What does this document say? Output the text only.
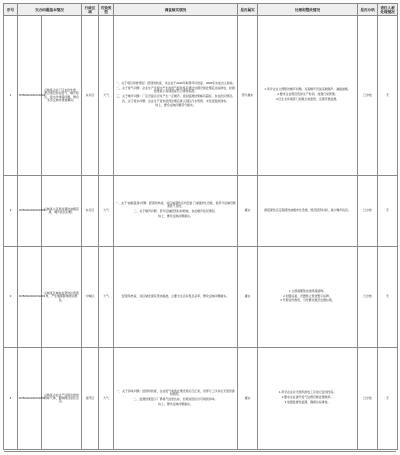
序号	交办问题基本情况		行政区域	污染类型	调查核实情况	是否属实	处理和整改情况	是否办结	责任人被处理情况
1	D350402021061802	反映某企业厂区未批先建，建设项目存在废气、噪声扰民，废水外排等问题，群众多次反映未得到解决。	东川区	大气	一、关于项目审批情况：经现场核查，该企业于2019年取得环评批复，2020年完成自主验收。
二、关于废气问题：企业生产过程中产生的废气经收集后通过处理设施处理后达标排放，检测结果显示各项指标符合排放标准。
三、关于噪声问题：厂区设备运行时产生一定噪声，夜间监测结果略有超标，存在扰民情况。
四、关于废水问题：企业生产废水经预处理后排入园区污水管网，未发现直排现象。
综上，群众反映问题部分属实。	部分属实	1.责令企业立即整改噪声问题，对高噪声设备采取隔声、减振措施。
2.要求企业规范夜间生产时间，加强日常管理。
3.区生态环境部门加强日常监管，定期开展监测。	已办结	无
2	D350402021061803	反映某小区周边餐饮油烟直排，噪声扰民问题。	东川区	大气	一、关于"油烟直排"问题：经现场核查，该区域餐饮店均安装了油烟净化设施，但部分店铺设施清洗不及时。
二、关于噪声问题：部分店铺经营时间较晚，存在噪声扰民情况。
综上，群众反映问题属实。	属实	督促餐饮店定期清洗油烟净化设施，规范经营时间，减少噪声扰民。	已办结	无
3	D350402021061804	反映某区域存在焚烧垃圾现象，产生烟雾影响周边居民。	中城区	大气	经现场核查，该区域发现有焚烧痕迹，主要为生活垃圾及杂草，群众反映问题属实。	属实	1.立即清理焚烧现场残留物。
2.加强巡查，设置禁止焚烧警示标牌。
3.开展宣传教育，引导群众规范处置垃圾。	已办结	无
4	D350402021061805	反映某企业生产过程中排放异味气体，影响周边居民生活。	南开区	大气	一、关于异味问题：经现场核查，企业废气收集处理设施运行正常，但部分工序存在无组织排放情况。
二、监测结果显示厂界臭气浓度达标，但周边居民仍可闻到异味。
综上，群众反映问题属实。	属实	1.责令企业对无组织排放工序进行密闭改造。
2.要求企业提升废气处理设施处理效率。
3.加强监督性监测，确保达标排放。	已办结	无
